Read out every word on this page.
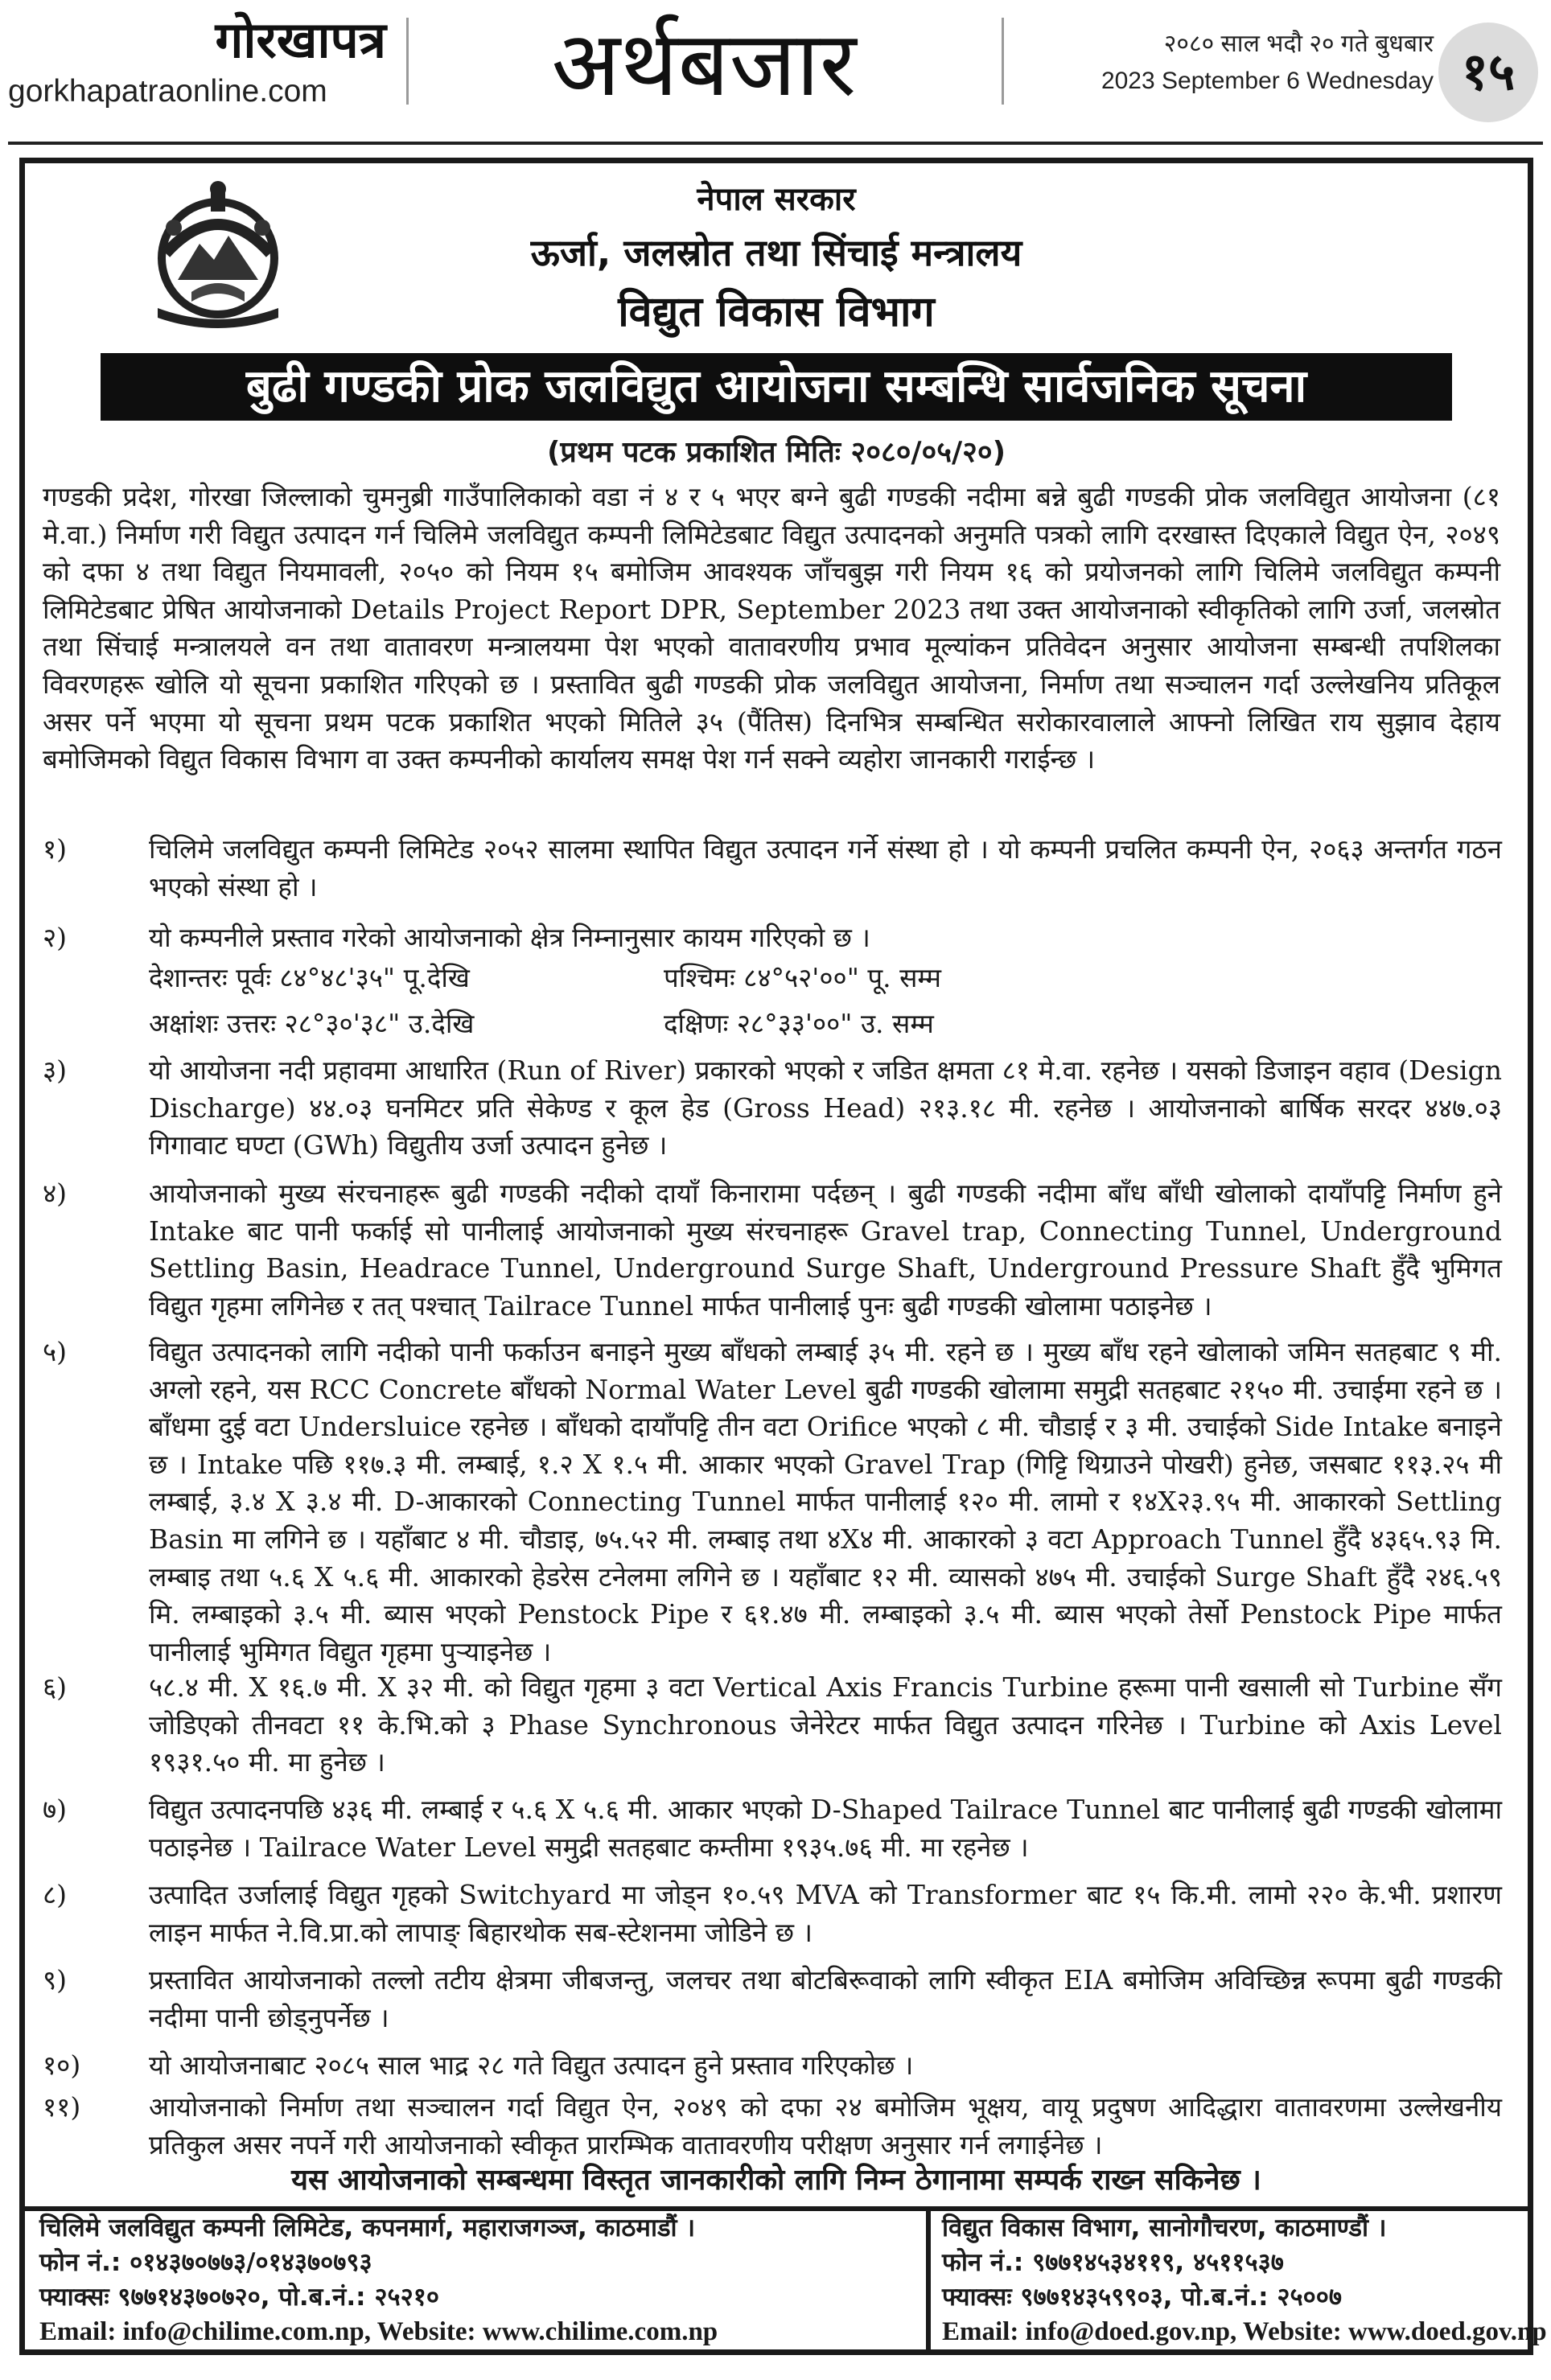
गोरखापत्र
gorkhapatraonline.com	अर्थबजार	२०८० साल भदौ २० गते बुधबार
2023 September 6 Wednesday १५
नेपाल सरकार
ऊर्जा, जलस्रोत तथा सिंचाई मन्त्रालय
विद्युत विकास विभाग
बुढी गण्डकी प्रोक जलविद्युत आयोजना सम्बन्धि सार्वजनिक सूचना
(प्रथम पटक प्रकाशित मितिः २०८०/०५/२०)
गण्डकी प्रदेश, गोरखा जिल्लाको चुमनुब्री गाउँपालिकाको वडा नं ४ र ५ भएर बग्ने बुढी गण्डकी नदीमा बन्ने बुढी गण्डकी प्रोक जलविद्युत आयोजना (८१ मे.वा.) निर्माण गरी विद्युत उत्पादन गर्न चिलिमे जलविद्युत कम्पनी लिमिटेडबाट विद्युत उत्पादनको अनुमति पत्रको लागि दरखास्त दिएकाले विद्युत ऐन, २०४९ को दफा ४ तथा विद्युत नियमावली, २०५० को नियम १५ बमोजिम आवश्यक जाँचबुझ गरी नियम १६ को प्रयोजनको लागि चिलिमे जलविद्युत कम्पनी लिमिटेडबाट प्रेषित आयोजनाको Details Project Report DPR, September 2023 तथा उक्त आयोजनाको स्वीकृतिको लागि उर्जा, जलस्रोत तथा सिंचाई मन्त्रालयले वन तथा वातावरण मन्त्रालयमा पेश भएको वातावरणीय प्रभाव मूल्यांकन प्रतिवेदन अनुसार आयोजना सम्बन्धी तपशिलका विवरणहरू खोलि यो सूचना प्रकाशित गरिएको छ । प्रस्तावित बुढी गण्डकी प्रोक जलविद्युत आयोजना, निर्माण तथा सञ्चालन गर्दा उल्लेखनिय प्रतिकूल असर पर्ने भएमा यो सूचना प्रथम पटक प्रकाशित भएको मितिले ३५ (पैंतिस) दिनभित्र सम्बन्धित सरोकारवालाले आफ्नो लिखित राय सुझाव देहाय बमोजिमको विद्युत विकास विभाग वा उक्त कम्पनीको कार्यालय समक्ष पेश गर्न सक्ने व्यहोरा जानकारी गराईन्छ ।
१)	चिलिमे जलविद्युत कम्पनी लिमिटेड २०५२ सालमा स्थापित विद्युत उत्पादन गर्ने संस्था हो । यो कम्पनी प्रचलित कम्पनी ऐन, २०६३ अन्तर्गत गठन भएको संस्था हो ।
२)	यो कम्पनीले प्रस्ताव गरेको आयोजनाको क्षेत्र निम्नानुसार कायम गरिएको छ ।
देशान्तरः पूर्वः ८४°४८'३५" पू.देखि	पश्चिमः ८४°५२'००" पू. सम्म
अक्षांशः उत्तरः २८°३०'३८" उ.देखि	दक्षिणः २८°३३'००" उ. सम्म
३)	यो आयोजना नदी प्रहावमा आधारित (Run of River) प्रकारको भएको र जडित क्षमता ८१ मे.वा. रहनेछ । यसको डिजाइन वहाव (Design Discharge) ४४.०३ घनमिटर प्रति सेकेण्ड र कूल हेड (Gross Head) २१३.१८ मी. रहनेछ । आयोजनाको बार्षिक सरदर ४४७.०३ गिगावाट घण्टा (GWh) विद्युतीय उर्जा उत्पादन हुनेछ ।
४)	आयोजनाको मुख्य संरचनाहरू बुढी गण्डकी नदीको दायाँ किनारामा पर्दछन् । बुढी गण्डकी नदीमा बाँध बाँधी खोलाको दायाँपट्टि निर्माण हुने Intake बाट पानी फर्काई सो पानीलाई आयोजनाको मुख्य संरचनाहरू Gravel trap, Connecting Tunnel, Underground Settling Basin, Headrace Tunnel, Underground Surge Shaft, Underground Pressure Shaft हुँदै भुमिगत विद्युत गृहमा लगिनेछ र तत् पश्चात् Tailrace Tunnel मार्फत पानीलाई पुनः बुढी गण्डकी खोलामा पठाइनेछ ।
५)	विद्युत उत्पादनको लागि नदीको पानी फर्काउन बनाइने मुख्य बाँधको लम्बाई ३५ मी. रहने छ । मुख्य बाँध रहने खोलाको जमिन सतहबाट ९ मी. अग्लो रहने, यस RCC Concrete बाँधको Normal Water Level बुढी गण्डकी खोलामा समुद्री सतहबाट २१५० मी. उचाईमा रहने छ । बाँधमा दुई वटा Undersluice रहनेछ । बाँधको दायाँपट्टि तीन वटा Orifice भएको ८ मी. चौडाई र ३ मी. उचाईको Side Intake बनाइने छ । Intake पछि ११७.३ मी. लम्बाई, १.२ X १.५ मी. आकार भएको Gravel Trap (गिट्टि थिग्राउने पोखरी) हुनेछ, जसबाट ११३.२५ मी लम्बाई, ३.४ X ३.४ मी. D-आकारको Connecting Tunnel मार्फत पानीलाई १२० मी. लामो र १४X२३.९५ मी. आकारको Settling Basin मा लगिने छ । यहाँबाट ४ मी. चौडाइ, ७५.५२ मी. लम्बाइ तथा ४X४ मी. आकारको ३ वटा Approach Tunnel हुँदै ४३६५.९३ मि. लम्बाइ तथा ५.६ X ५.६ मी. आकारको हेडरेस टनेलमा लगिने छ । यहाँबाट १२ मी. व्यासको ४७५ मी. उचाईको Surge Shaft हुँदै २४६.५९ मि. लम्बाइको ३.५ मी. ब्यास भएको Penstock Pipe र ६१.४७ मी. लम्बाइको ३.५ मी. ब्यास भएको तेर्सो Penstock Pipe मार्फत पानीलाई भुमिगत विद्युत गृहमा पुऱ्याइनेछ ।
६)	५८.४ मी. X १६.७ मी. X ३२ मी. को विद्युत गृहमा ३ वटा Vertical Axis Francis Turbine हरूमा पानी खसाली सो Turbine सँग जोडिएको तीनवटा ११ के.भि.को ३ Phase Synchronous जेनेरेटर मार्फत विद्युत उत्पादन गरिनेछ । Turbine को Axis Level १९३१.५० मी. मा हुनेछ ।
७)	विद्युत उत्पादनपछि ४३६ मी. लम्बाई र ५.६ X ५.६ मी. आकार भएको D-Shaped Tailrace Tunnel बाट पानीलाई बुढी गण्डकी खोलामा पठाइनेछ । Tailrace Water Level समुद्री सतहबाट कम्तीमा १९३५.७६ मी. मा रहनेछ ।
८)	उत्पादित उर्जालाई विद्युत गृहको Switchyard मा जोड्न १०.५९ MVA को Transformer बाट १५ कि.मी. लामो २२० के.भी. प्रशारण लाइन मार्फत ने.वि.प्रा.को लापाङ् बिहारथोक सब-स्टेशनमा जोडिने छ ।
९)	प्रस्तावित आयोजनाको तल्लो तटीय क्षेत्रमा जीबजन्तु, जलचर तथा बोटबिरूवाको लागि स्वीकृत EIA बमोजिम अविच्छिन्न रूपमा बुढी गण्डकी नदीमा पानी छोड्नुपर्नेछ ।
१०)	यो आयोजनाबाट २०८५ साल भाद्र २८ गते विद्युत उत्पादन हुने प्रस्ताव गरिएकोछ ।
११)	आयोजनाको निर्माण तथा सञ्चालन गर्दा विद्युत ऐन, २०४९ को दफा २४ बमोजिम भूक्षय, वायू प्रदुषण आदिद्धारा वातावरणमा उल्लेखनीय प्रतिकुल असर नपर्ने गरी आयोजनाको स्वीकृत प्रारम्भिक वातावरणीय परीक्षण अनुसार गर्न लगाईनेछ ।
यस आयोजनाको सम्बन्धमा विस्तृत जानकारीको लागि निम्न ठेगानामा सम्पर्क राख्न सकिनेछ ।
चिलिमे जलविद्युत कम्पनी लिमिटेड, कपनमार्ग, महाराजगञ्ज, काठमाडौं ।
फोन नं.: ०१४३७०७७३/०१४३७०७९३
फ्याक्सः ९७७१४३७०७२०, पो.ब.नं.: २५२१०
Email: info@chilime.com.np, Website: www.chilime.com.np
विद्युत विकास विभाग, सानोगौचरण, काठमाण्डौं ।
फोन नं.: ९७७१४५३४११९, ४५११५३७
फ्याक्सः ९७७१४३५९९०३, पो.ब.नं.: २५००७
Email: info@doed.gov.np, Website: www.doed.gov.np
